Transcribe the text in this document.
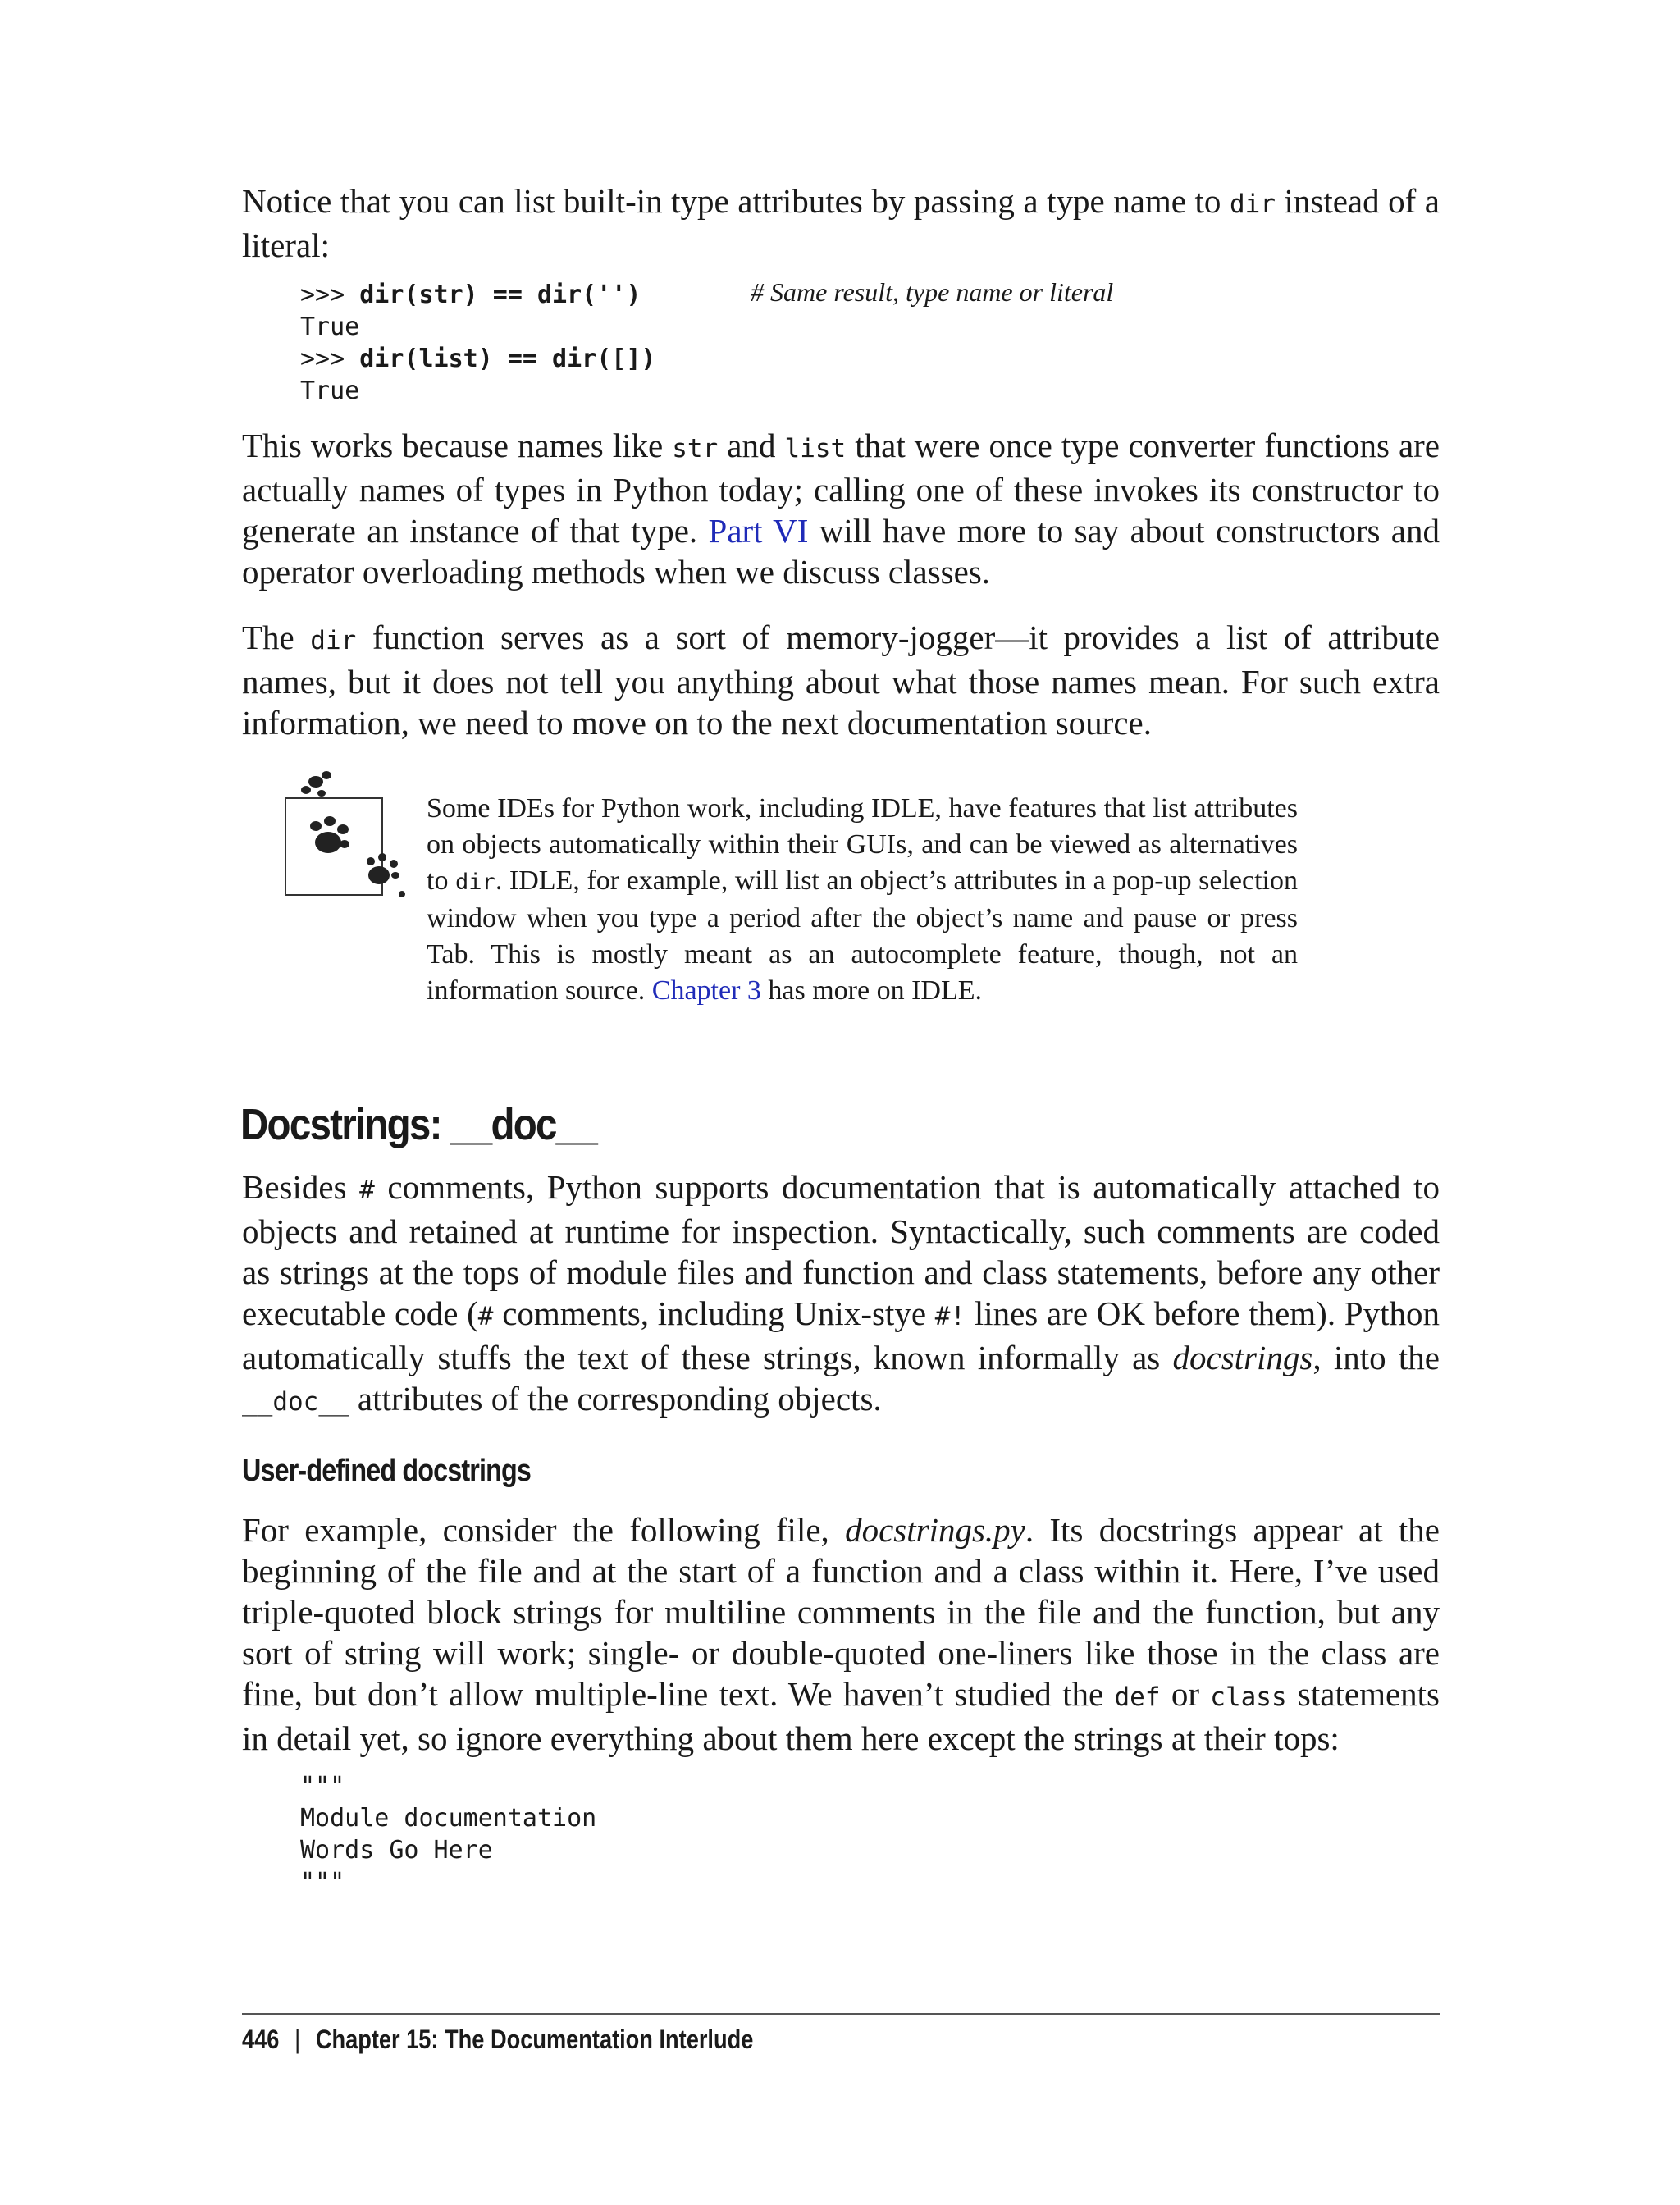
Notice that you can list built-in type attributes by passing a type name to dir instead of a literal:

>>> dir(str) == dir('')
True
>>> dir(list) == dir([])
True
# Same result, type name or literal

This works because names like str and list that were once type converter functions are actually names of types in Python today; calling one of these invokes its constructor to generate an instance of that type. Part VI will have more to say about constructors and operator overloading methods when we discuss classes.

The dir function serves as a sort of memory-jogger—it provides a list of attribute names, but it does not tell you anything about what those names mean. For such extra information, we need to move on to the next documentation source.

Some IDEs for Python work, including IDLE, have features that list attributes on objects automatically within their GUIs, and can be viewed as alternatives to dir. IDLE, for example, will list an object’s attributes in a pop-up selection window when you type a period after the object’s name and pause or press Tab. This is mostly meant as an autocomplete feature, though, not an information source. Chapter 3 has more on IDLE.

Docstrings: __doc__

Besides # comments, Python supports documentation that is automatically attached to objects and retained at runtime for inspection. Syntactically, such comments are coded as strings at the tops of module files and function and class statements, before any other executable code (# comments, including Unix-stye #! lines are OK before them). Python automatically stuffs the text of these strings, known informally as docstrings, into the __doc__ attributes of the corresponding objects.

User-defined docstrings

For example, consider the following file, docstrings.py. Its docstrings appear at the beginning of the file and at the start of a function and a class within it. Here, I’ve used triple-quoted block strings for multiline comments in the file and the function, but any sort of string will work; single- or double-quoted one-liners like those in the class are fine, but don’t allow multiple-line text. We haven’t studied the def or class statements in detail yet, so ignore everything about them here except the strings at their tops:

"""
Module documentation
Words Go Here
"""

446 | Chapter 15: The Documentation Interlude
